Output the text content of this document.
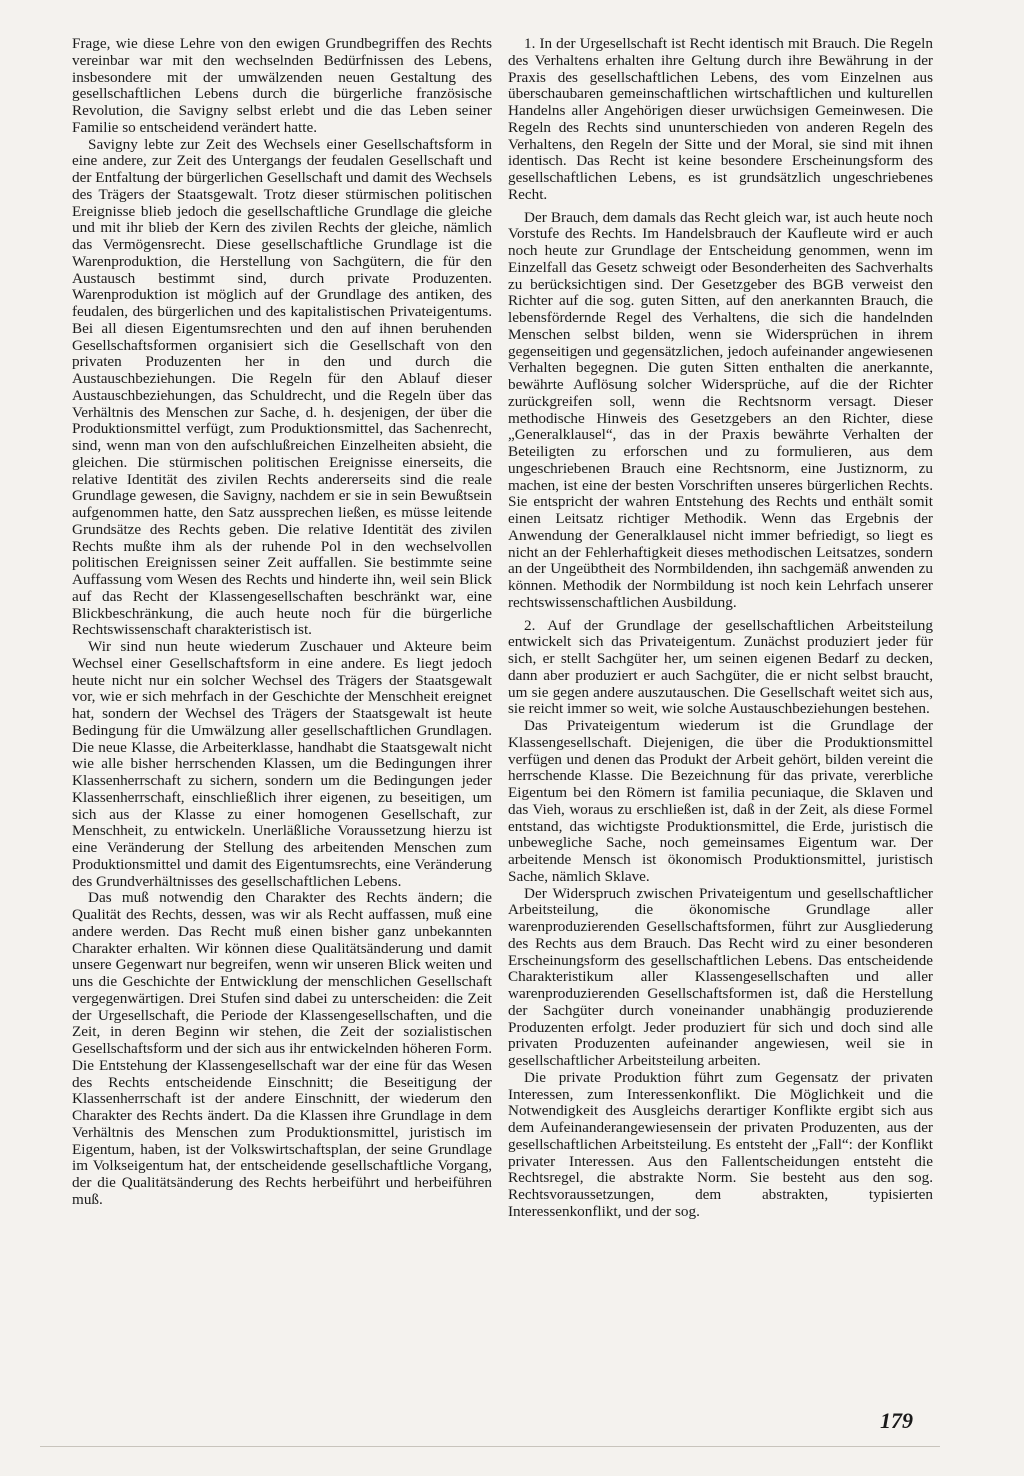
Frage, wie diese Lehre von den ewigen Grundbegriffen des Rechts vereinbar war mit den wechselnden Bedürfnissen des Lebens, insbesondere mit der umwälzenden neuen Gestaltung des gesellschaftlichen Lebens durch die bürgerliche französische Revolution, die Savigny selbst erlebt und die das Leben seiner Familie so entscheidend verändert hatte.

Savigny lebte zur Zeit des Wechsels einer Gesellschaftsform in eine andere, zur Zeit des Untergangs der feudalen Gesellschaft und der Entfaltung der bürgerlichen Gesellschaft und damit des Wechsels des Trägers der Staatsgewalt. Trotz dieser stürmischen politischen Ereignisse blieb jedoch die gesellschaftliche Grundlage die gleiche und mit ihr blieb der Kern des zivilen Rechts der gleiche, nämlich das Vermögensrecht. Diese gesellschaftliche Grundlage ist die Warenproduktion, die Herstellung von Sachgütern, die für den Austausch bestimmt sind, durch private Produzenten. Warenproduktion ist möglich auf der Grundlage des antiken, des feudalen, des bürgerlichen und des kapitalistischen Privateigentums. Bei all diesen Eigentumsrechten und den auf ihnen beruhenden Gesellschaftsformen organisiert sich die Gesellschaft von den privaten Produzenten her in den und durch die Austauschbeziehungen. Die Regeln für den Ablauf dieser Austauschbeziehungen, das Schuldrecht, und die Regeln über das Verhältnis des Menschen zur Sache, d. h. desjenigen, der über die Produktionsmittel verfügt, zum Produktionsmittel, das Sachenrecht, sind, wenn man von den aufschlußreichen Einzelheiten absieht, die gleichen. Die stürmischen politischen Ereignisse einerseits, die relative Identität des zivilen Rechts andererseits sind die reale Grundlage gewesen, die Savigny, nachdem er sie in sein Bewußtsein aufgenommen hatte, den Satz aussprechen ließen, es müsse leitende Grundsätze des Rechts geben. Die relative Identität des zivilen Rechts mußte ihm als der ruhende Pol in den wechselvollen politischen Ereignissen seiner Zeit auffallen. Sie bestimmte seine Auffassung vom Wesen des Rechts und hinderte ihn, weil sein Blick auf das Recht der Klassengesellschaften beschränkt war, eine Blickbeschränkung, die auch heute noch für die bürgerliche Rechtswissenschaft charakteristisch ist.

Wir sind nun heute wiederum Zuschauer und Akteure beim Wechsel einer Gesellschaftsform in eine andere. Es liegt jedoch heute nicht nur ein solcher Wechsel des Trägers der Staatsgewalt vor, wie er sich mehrfach in der Geschichte der Menschheit ereignet hat, sondern der Wechsel des Trägers der Staatsgewalt ist heute Bedingung für die Umwälzung aller gesellschaftlichen Grundlagen. Die neue Klasse, die Arbeiterklasse, handhabt die Staatsgewalt nicht wie alle bisher herrschenden Klassen, um die Bedingungen ihrer Klassenherrschaft zu sichern, sondern um die Bedingungen jeder Klassenherrschaft, einschließlich ihrer eigenen, zu beseitigen, um sich aus der Klasse zu einer homogenen Gesellschaft, zur Menschheit, zu entwickeln. Unerläßliche Voraussetzung hierzu ist eine Veränderung der Stellung des arbeitenden Menschen zum Produktionsmittel und damit des Eigentumsrechts, eine Veränderung des Grundverhältnisses des gesellschaftlichen Lebens.

Das muß notwendig den Charakter des Rechts ändern; die Qualität des Rechts, dessen, was wir als Recht auffassen, muß eine andere werden. Das Recht muß einen bisher ganz unbekannten Charakter erhalten. Wir können diese Qualitätsänderung und damit unsere Gegenwart nur begreifen, wenn wir unseren Blick weiten und uns die Geschichte der Entwicklung der menschlichen Gesellschaft vergegenwärtigen. Drei Stufen sind dabei zu unterscheiden: die Zeit der Urgesellschaft, die Periode der Klassengesellschaften, und die Zeit, in deren Beginn wir stehen, die Zeit der sozialistischen Gesellschaftsform und der sich aus ihr entwickelnden höheren Form. Die Entstehung der Klassengesellschaft war der eine für das Wesen des Rechts entscheidende Einschnitt; die Beseitigung der Klassenherrschaft ist der andere Einschnitt, der wiederum den Charakter des Rechts ändert. Da die Klassen ihre Grundlage in dem Verhältnis des Menschen zum Produktionsmittel, juristisch im Eigentum, haben, ist der Volkswirtschaftsplan, der seine Grundlage im Volkseigentum hat, der entscheidende gesellschaftliche Vorgang, der die Qualitätsänderung des Rechts herbeiführt und herbeiführen muß.

1. In der Urgesellschaft ist Recht identisch mit Brauch. Die Regeln des Verhaltens erhalten ihre Geltung durch ihre Bewährung in der Praxis des gesellschaftlichen Lebens, des vom Einzelnen aus überschaubaren gemeinschaftlichen wirtschaftlichen und kulturellen Handelns aller Angehörigen dieser urwüchsigen Gemeinwesen. Die Regeln des Rechts sind ununterschieden von anderen Regeln des Verhaltens, den Regeln der Sitte und der Moral, sie sind mit ihnen identisch. Das Recht ist keine besondere Erscheinungsform des gesellschaftlichen Lebens, es ist grundsätzlich ungeschriebenes Recht.

Der Brauch, dem damals das Recht gleich war, ist auch heute noch Vorstufe des Rechts. Im Handelsbrauch der Kaufleute wird er auch noch heute zur Grundlage der Entscheidung genommen, wenn im Einzelfall das Gesetz schweigt oder Besonderheiten des Sachverhalts zu berücksichtigen sind. Der Gesetzgeber des BGB verweist den Richter auf die sog. guten Sitten, auf den anerkannten Brauch, die lebensfördernde Regel des Verhaltens, die sich die handelnden Menschen selbst bilden, wenn sie Widersprüchen in ihrem gegenseitigen und gegensätzlichen, jedoch aufeinander angewiesenen Verhalten begegnen. Die guten Sitten enthalten die anerkannte, bewährte Auflösung solcher Widersprüche, auf die der Richter zurückgreifen soll, wenn die Rechtsnorm versagt. Dieser methodische Hinweis des Gesetzgebers an den Richter, diese „Generalklausel“, das in der Praxis bewährte Verhalten der Beteiligten zu erforschen und zu formulieren, aus dem ungeschriebenen Brauch eine Rechtsnorm, eine Justiznorm, zu machen, ist eine der besten Vorschriften unseres bürgerlichen Rechts. Sie entspricht der wahren Entstehung des Rechts und enthält somit einen Leitsatz richtiger Methodik. Wenn das Ergebnis der Anwendung der Generalklausel nicht immer befriedigt, so liegt es nicht an der Fehlerhaftigkeit dieses methodischen Leitsatzes, sondern an der Ungeübtheit des Normbildenden, ihn sachgemäß anwenden zu können. Methodik der Normbildung ist noch kein Lehrfach unserer rechtswissenschaftlichen Ausbildung.

2. Auf der Grundlage der gesellschaftlichen Arbeitsteilung entwickelt sich das Privateigentum. Zunächst produziert jeder für sich, er stellt Sachgüter her, um seinen eigenen Bedarf zu decken, dann aber produziert er auch Sachgüter, die er nicht selbst braucht, um sie gegen andere auszutauschen. Die Gesellschaft weitet sich aus, sie reicht immer so weit, wie solche Austauschbeziehungen bestehen.

Das Privateigentum wiederum ist die Grundlage der Klassengesellschaft. Diejenigen, die über die Produktionsmittel verfügen und denen das Produkt der Arbeit gehört, bilden vereint die herrschende Klasse. Die Bezeichnung für das private, vererbliche Eigentum bei den Römern ist familia pecuniaque, die Sklaven und das Vieh, woraus zu erschließen ist, daß in der Zeit, als diese Formel entstand, das wichtigste Produktionsmittel, die Erde, juristisch die unbewegliche Sache, noch gemeinsames Eigentum war. Der arbeitende Mensch ist ökonomisch Produktionsmittel, juristisch Sache, nämlich Sklave.

Der Widerspruch zwischen Privateigentum und gesellschaftlicher Arbeitsteilung, die ökonomische Grundlage aller warenproduzierenden Gesellschaftsformen, führt zur Ausgliederung des Rechts aus dem Brauch. Das Recht wird zu einer besonderen Erscheinungsform des gesellschaftlichen Lebens. Das entscheidende Charakteristikum aller Klassengesellschaften und aller warenproduzierenden Gesellschaftsformen ist, daß die Herstellung der Sachgüter durch voneinander unabhängig produzierende Produzenten erfolgt. Jeder produziert für sich und doch sind alle privaten Produzenten aufeinander angewiesen, weil sie in gesellschaftlicher Arbeitsteilung arbeiten.

Die private Produktion führt zum Gegensatz der privaten Interessen, zum Interessenkonflikt. Die Möglichkeit und die Notwendigkeit des Ausgleichs derartiger Konflikte ergibt sich aus dem Aufeinanderangewiesensein der privaten Produzenten, aus der gesellschaftlichen Arbeitsteilung. Es entsteht der „Fall“: der Konflikt privater Interessen. Aus den Fallentscheidungen entsteht die Rechtsregel, die abstrakte Norm. Sie besteht aus den sog. Rechtsvoraussetzungen, dem abstrakten, typisierten Interessenkonflikt, und der sog.

179
